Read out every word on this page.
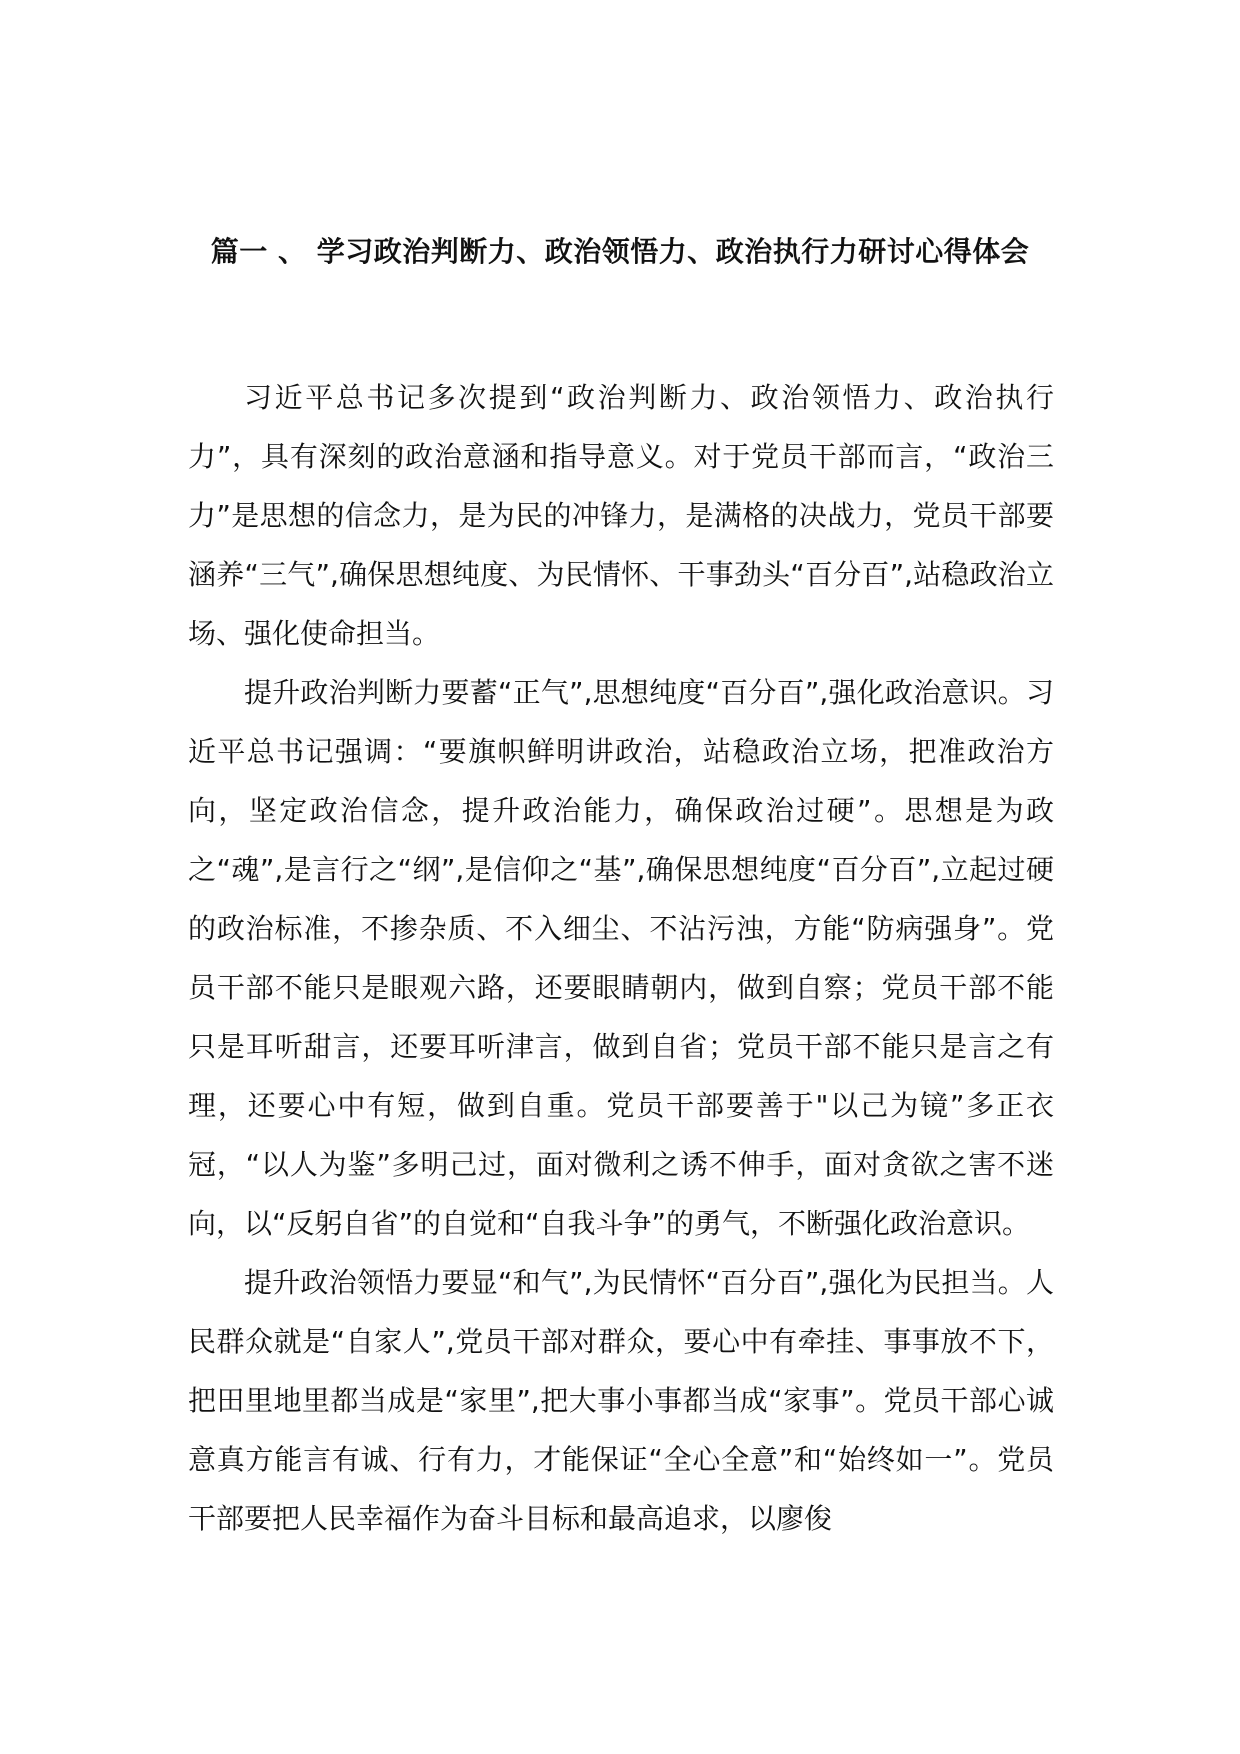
篇一 、 学习政治判断力、政治领悟力、政治执行力研讨心得体会

习近平总书记多次提到“政治判断力、政治领悟力、政治执行力”，具有深刻的政治意涵和指导意义。对于党员干部而言，“政治三力”是思想的信念力，是为民的冲锋力，是满格的决战力，党员干部要涵养“三气”,确保思想纯度、为民情怀、干事劲头“百分百”,站稳政治立场、强化使命担当。

提升政治判断力要蓄“正气”,思想纯度“百分百”,强化政治意识。习近平总书记强调：“要旗帜鲜明讲政治，站稳政治立场，把准政治方向，坚定政治信念，提升政治能力，确保政治过硬”。思想是为政之“魂”,是言行之“纲”,是信仰之“基”,确保思想纯度“百分百”,立起过硬的政治标准，不掺杂质、不入细尘、不沾污浊，方能“防病强身”。党员干部不能只是眼观六路，还要眼睛朝内，做到自察；党员干部不能只是耳听甜言，还要耳听津言，做到自省；党员干部不能只是言之有理，还要心中有短，做到自重。党员干部要善于"以己为镜”多正衣冠，“以人为鉴”多明己过，面对微利之诱不伸手，面对贪欲之害不迷向，以“反躬自省”的自觉和“自我斗争”的勇气，不断强化政治意识。

提升政治领悟力要显“和气”,为民情怀“百分百”,强化为民担当。人民群众就是“自家人”,党员干部对群众，要心中有牵挂、事事放不下，把田里地里都当成是“家里”,把大事小事都当成“家事”。党员干部心诚意真方能言有诚、行有力，才能保证“全心全意”和“始终如一”。党员干部要把人民幸福作为奋斗目标和最高追求，以廖俊
